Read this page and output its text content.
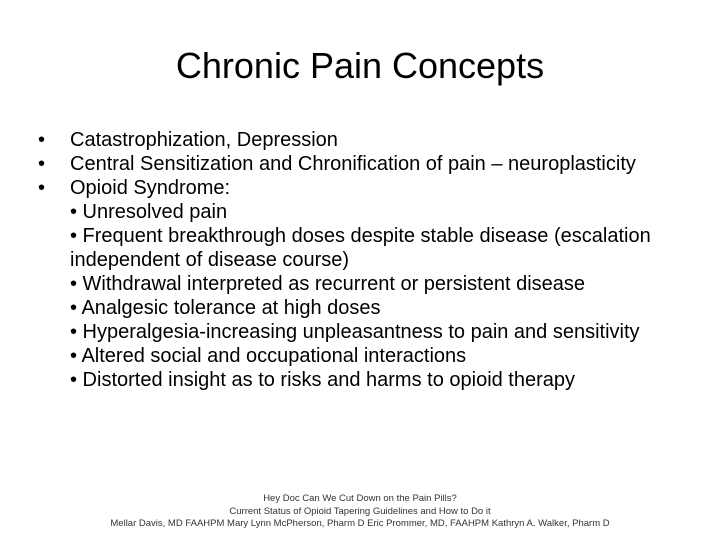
Chronic Pain Concepts
• Catastrophization, Depression
• Central Sensitization and Chronification of pain – neuroplasticity
• Opioid Syndrome:
• Unresolved pain
• Frequent breakthrough doses despite stable disease (escalation independent of disease course)
• Withdrawal interpreted as recurrent or persistent disease
• Analgesic tolerance at high doses
• Hyperalgesia-increasing unpleasantness to pain and sensitivity
• Altered social and occupational interactions
• Distorted insight as to risks and harms to opioid therapy
Hey Doc Can We Cut Down on the Pain Pills?
Current Status of Opioid Tapering Guidelines and How to Do it
Mellar Davis, MD FAAHPM Mary Lynn McPherson, Pharm D Eric Prommer, MD, FAAHPM Kathryn A. Walker, Pharm D
